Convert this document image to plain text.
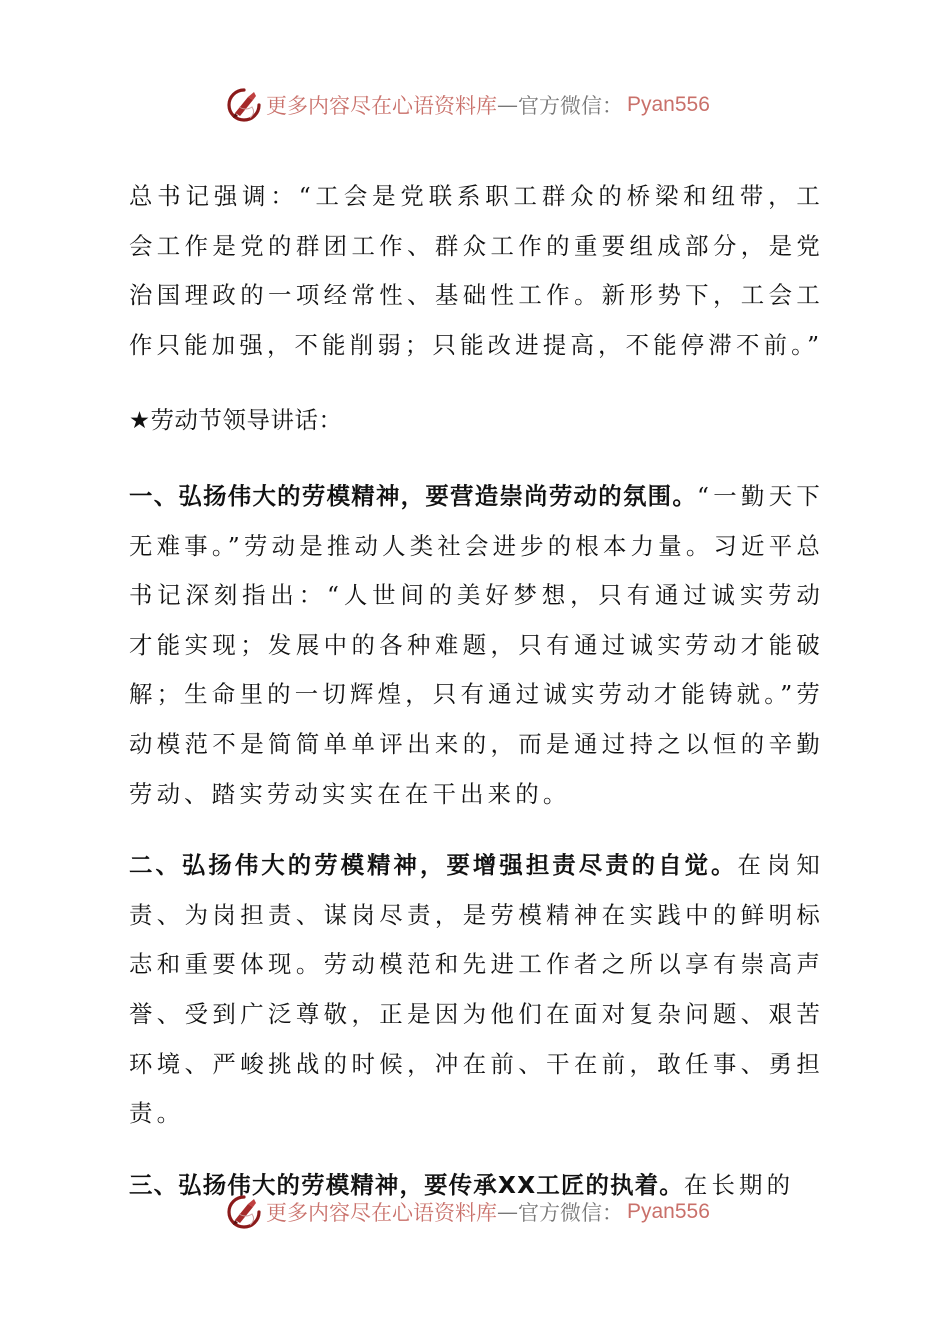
更多内容尽在心语资料库 — 官方微信： Pyan556

总书记强调：“工会是党联系职工群众的桥梁和纽带，工会工作是党的群团工作、群众工作的重要组成部分，是党治国理政的一项经常性、基础性工作。新形势下，工会工作只能加强，不能削弱；只能改进提高，不能停滞不前。”

★劳动节领导讲话：

一、弘扬伟大的劳模精神，要营造崇尚劳动的氛围。“一勤天下无难事。”劳动是推动人类社会进步的根本力量。习近平总书记深刻指出：“人世间的美好梦想，只有通过诚实劳动才能实现；发展中的各种难题，只有通过诚实劳动才能破解；生命里的一切辉煌，只有通过诚实劳动才能铸就。”劳动模范不是简简单单评出来的，而是通过持之以恒的辛勤劳动、踏实劳动实实在在干出来的。

二、弘扬伟大的劳模精神，要增强担责尽责的自觉。在岗知责、为岗担责、谋岗尽责，是劳模精神在实践中的鲜明标志和重要体现。劳动模范和先进工作者之所以享有崇高声誉、受到广泛尊敬，正是因为他们在面对复杂问题、艰苦环境、严峻挑战的时候，冲在前、干在前，敢任事、勇担责。

三、弘扬伟大的劳模精神，要传承XX工匠的执着。在长期的

更多内容尽在心语资料库 — 官方微信： Pyan556
